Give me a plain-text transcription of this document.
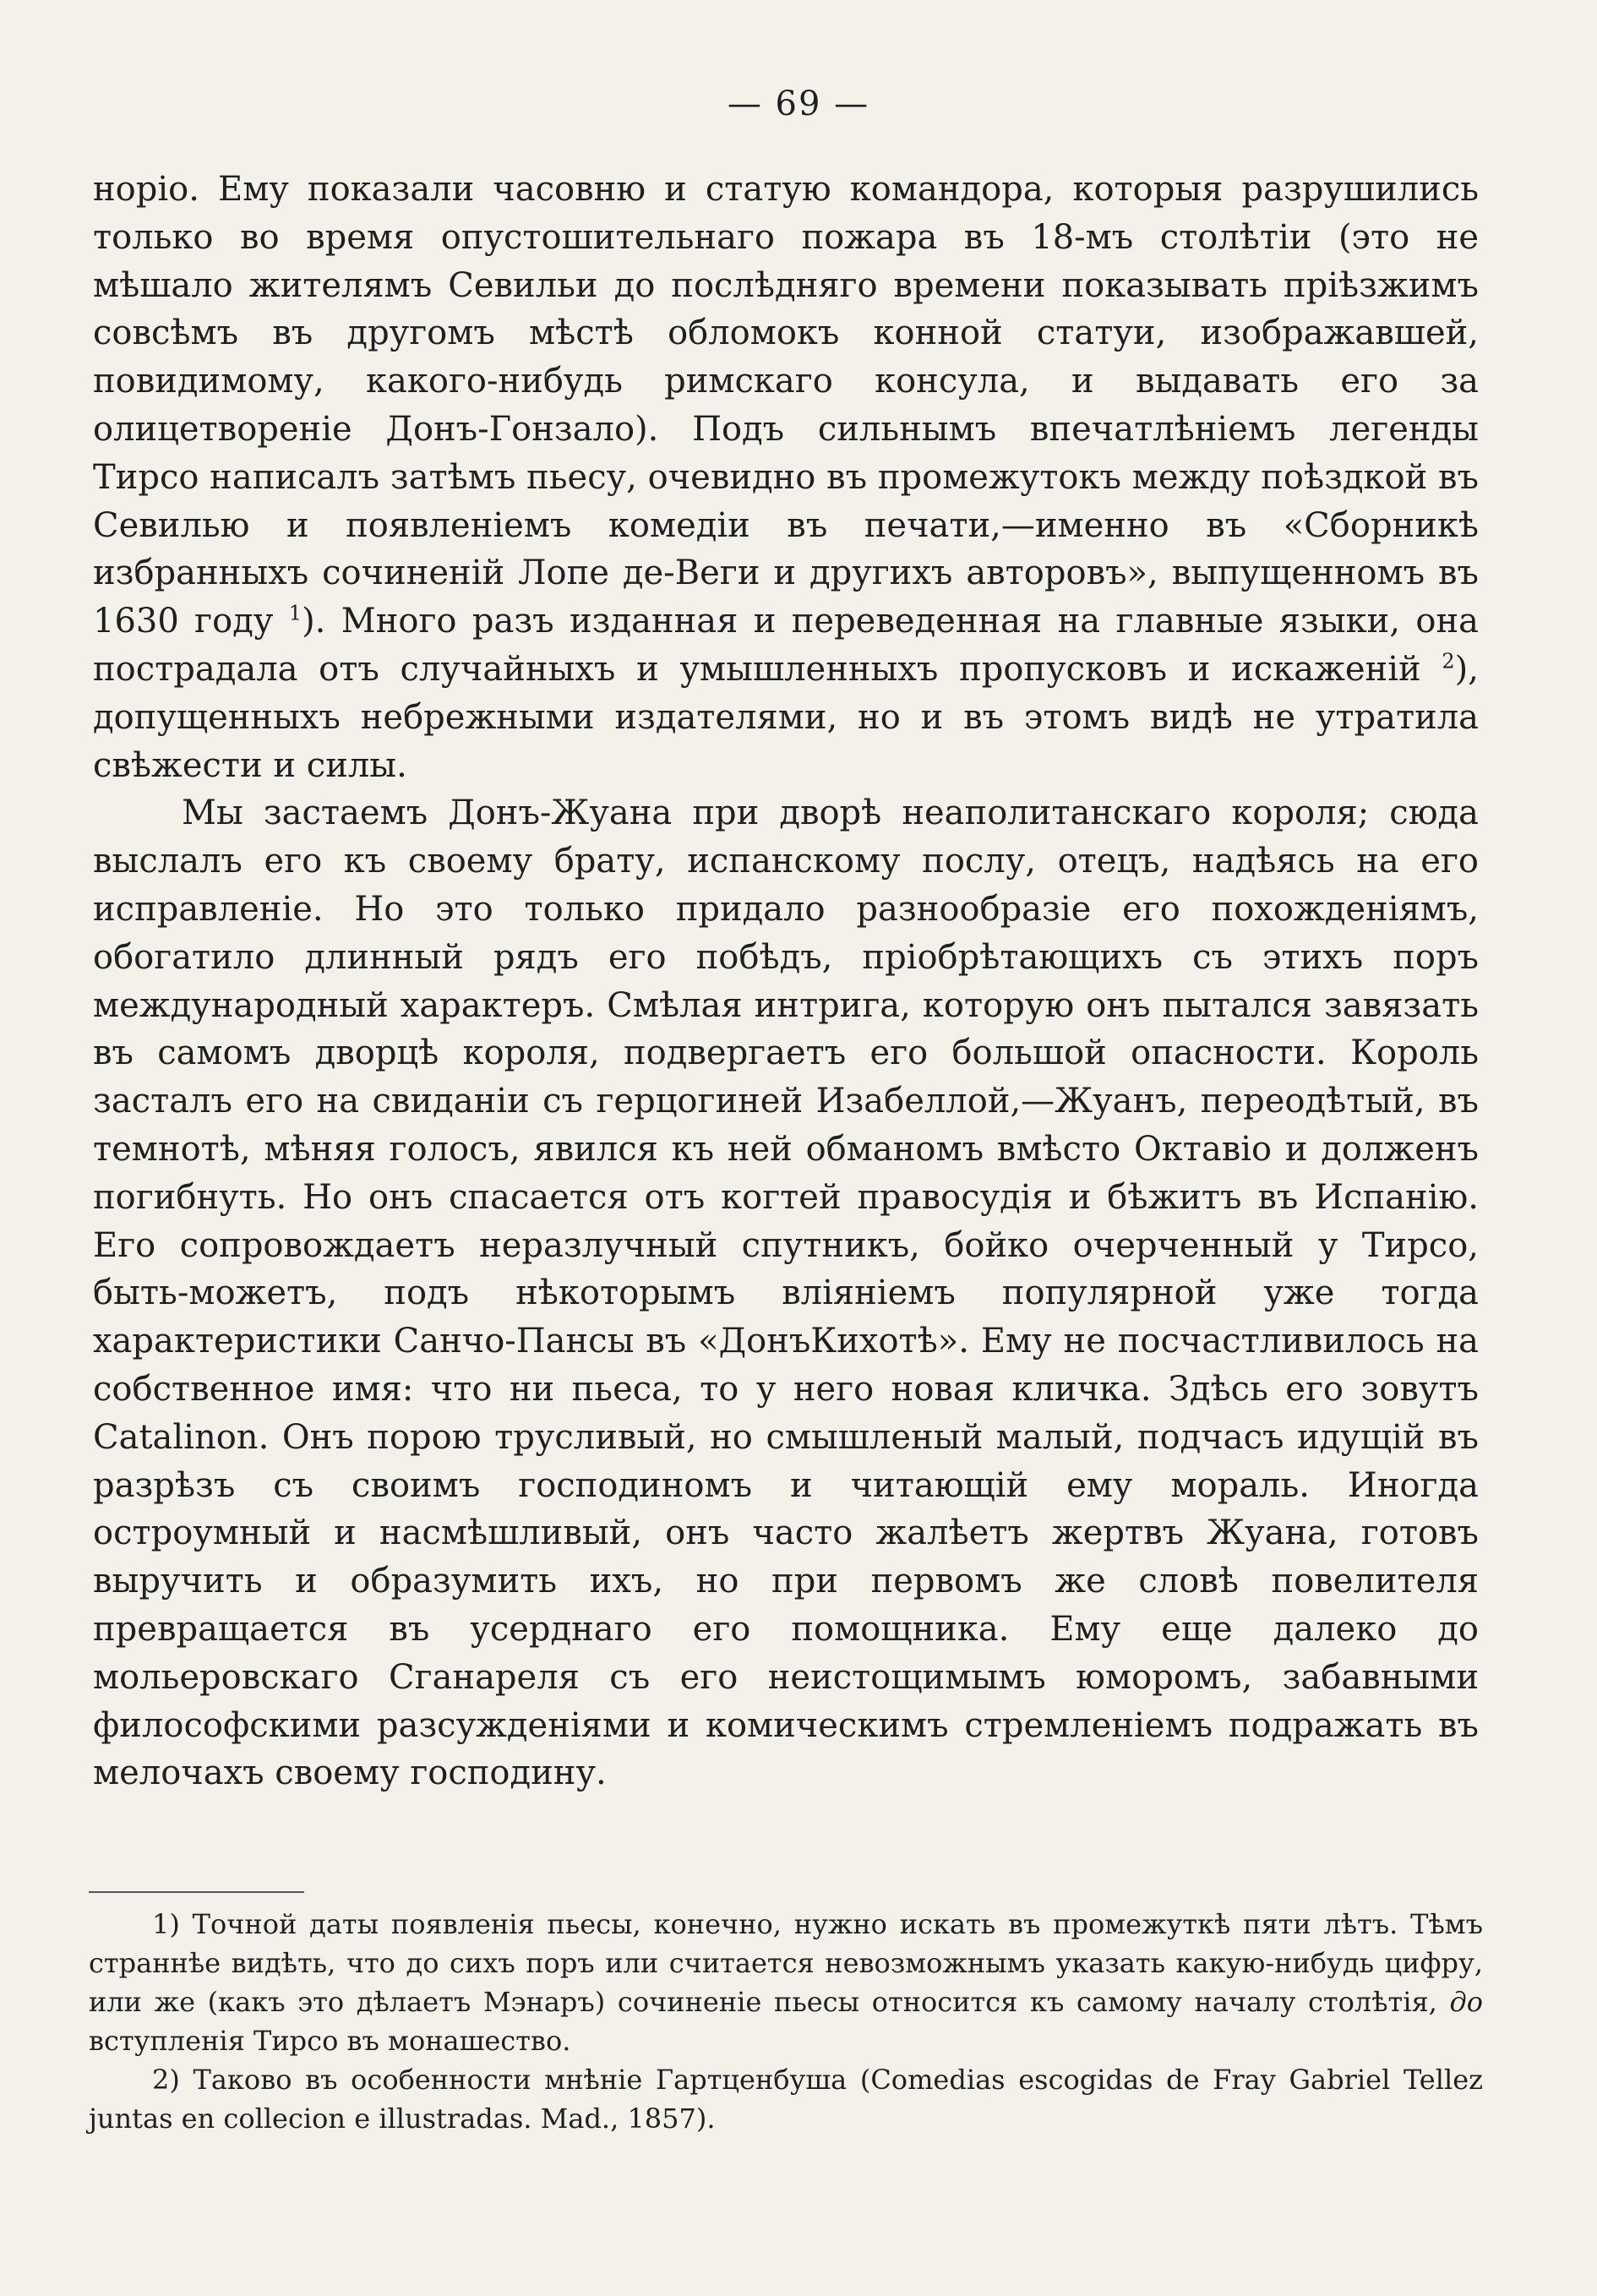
— 69 —

норіо. Ему показали часовню и статую командора, которыя разрушились только во время опустошительнаго пожара въ 18-мъ столѣтіи (это не мѣшало жителямъ Севильи до послѣдняго времени показывать пріѣзжимъ совсѣмъ въ другомъ мѣстѣ обломокъ конной статуи, изображавшей, повидимому, какого-нибудь римскаго консула, и выдавать его за олицетвореніе Донъ-Гонзало). Подъ сильнымъ впечатлѣніемъ легенды Тирсо написалъ затѣмъ пьесу, очевидно въ промежутокъ между поѣздкой въ Севилью и появленіемъ комедіи въ печати,—именно въ «Сборникѣ избранныхъ сочиненій Лопе де-Веги и другихъ авторовъ», выпущенномъ въ 1630 году $^1$). Много разъ изданная и переведенная на главные языки, она пострадала отъ случайныхъ и умышленныхъ пропусковъ и искаженій $^2$), допущенныхъ небрежными издателями, но и въ этомъ видѣ не утратила свѣжести и силы.

Мы застаемъ Донъ-Жуана при дворѣ неаполитанскаго короля; сюда выслалъ его къ своему брату, испанскому послу, отецъ, надѣясь на его исправленіе. Но это только придало разнообразіе его похожденіямъ, обогатило длинный рядъ его побѣдъ, пріобрѣтающихъ съ этихъ поръ международный характеръ. Смѣлая интрига, которую онъ пытался завязать въ самомъ дворцѣ короля, подвергаетъ его большой опасности. Король засталъ его на свиданіи съ герцогиней Изабеллой,—Жуанъ, переодѣтый, въ темнотѣ, мѣняя голосъ, явился къ ней обманомъ вмѣсто Октавіо и долженъ погибнуть. Но онъ спасается отъ когтей правосудія и бѣжитъ въ Испанію. Его сопровождаетъ неразлучный спутникъ, бойко очерченный у Тирсо, быть-можетъ, подъ нѣкоторымъ вліяніемъ популярной уже тогда характеристики Санчо-Пансы въ «ДонъКихотѣ». Ему не посчастливилось на собственное имя: что ни пьеса, то у него новая кличка. Здѣсь его зовутъ Catalinon. Онъ порою трусливый, но смышленый малый, подчасъ идущій въ разрѣзъ съ своимъ господиномъ и читающій ему мораль. Иногда остроумный и насмѣшливый, онъ часто жалѣетъ жертвъ Жуана, готовъ выручить и образумить ихъ, но при первомъ же словѣ повелителя превращается въ усерднаго его помощника. Ему еще далеко до мольеровскаго Сганареля съ его неистощимымъ юморомъ, забавными философскими разсужденіями и комическимъ стремленіемъ подражать въ мелочахъ своему господину.

1) Точной даты появленія пьесы, конечно, нужно искать въ промежуткѣ пяти лѣтъ. Тѣмъ страннѣе видѣть, что до сихъ поръ или считается невозможнымъ указать какую-нибудь цифру, или же (какъ это дѣлаетъ Мэнаръ) сочиненіе пьесы относится къ самому началу столѣтія, до вступленія Тирсо въ монашество.

2) Таково въ особенности мнѣніе Гартценбуша (Comedias escogidas de Fray Gabriel Tellez juntas en collecion e illustradas. Mad., 1857).
